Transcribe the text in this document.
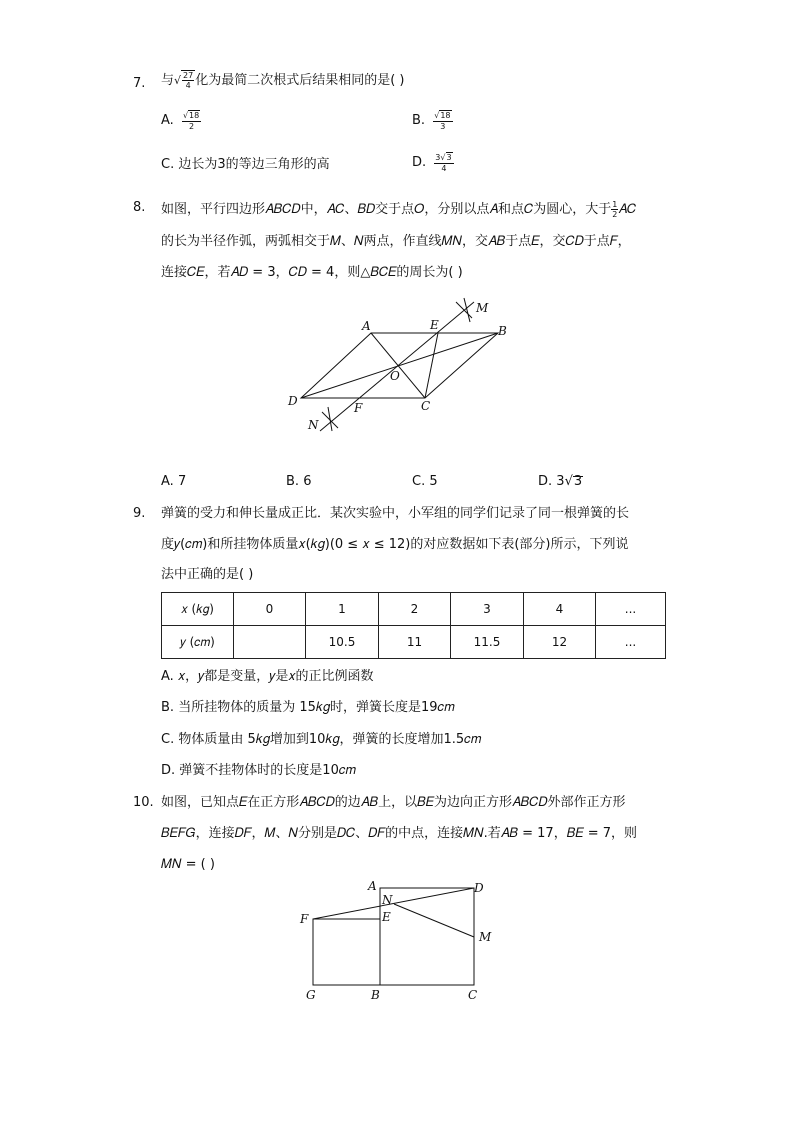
7. 与√ $\frac{27}{4}$ 化为最简二次根式后结果相同的是( )
A. $\frac{√18}{2}$	B. $\frac{√18}{3}$
C. 边长为3的等边三角形的高	D. $\frac{3√3}{4}$
8. 如图，平行四边形𝐴𝐵𝐶𝐷中，𝐴𝐶、𝐵𝐷交于点𝑂，分别以点𝐴和点𝐶为圆心，大于 $\frac{1}{2}$ 𝐴𝐶
的长为半径作弧，两弧相交于𝑀、𝑁两点，作直线𝑀𝑁，交𝐴𝐵于点𝐸，交𝐶𝐷于点𝐹，
连接𝐶𝐸，若𝐴𝐷 = 3，𝐶𝐷 = 4，则△𝐵𝐶𝐸的周长为( )
A	E
M
B
O
D	F	C
N
A. 7	B. 6	C. 5	D. 3√3
9. 弹簧的受力和伸长量成正比．某次实验中，小军组的同学们记录了同一根弹簧的长
度𝑦(𝑐𝑚)和所挂物体质量𝑥(𝑘𝑔)(0 ≤ 𝑥 ≤ 12)的对应数据如下表(部分)所示，下列说
法中正确的是( )
𝑥 (𝑘𝑔)	0	1	2	3	4	...
𝑦 (𝑐𝑚)		10.5	11	11.5	12	...
A. 𝑥，𝑦都是变量，𝑦是𝑥的正比例函数
B. 当所挂物体的质量为 15𝑘𝑔时，弹簧长度是19𝑐𝑚
C. 物体质量由 5𝑘𝑔增加到10𝑘𝑔，弹簧的长度增加1.5𝑐𝑚
D. 弹簧不挂物体时的长度是10𝑐𝑚
10. 如图，已知点𝐸在正方形𝐴𝐵𝐶𝐷的边𝐴𝐵上，以𝐵𝐸为边向正方形𝐴𝐵𝐶𝐷外部作正方形
𝐵𝐸𝐹𝐺，连接𝐷𝐹，𝑀、𝑁分别是𝐷𝐶、𝐷𝐹的中点，连接𝑀𝑁.若𝐴𝐵 = 17，𝐵𝐸 = 7，则
𝑀𝑁 = ( )
A	D
N
F	E
M
G	B	C
